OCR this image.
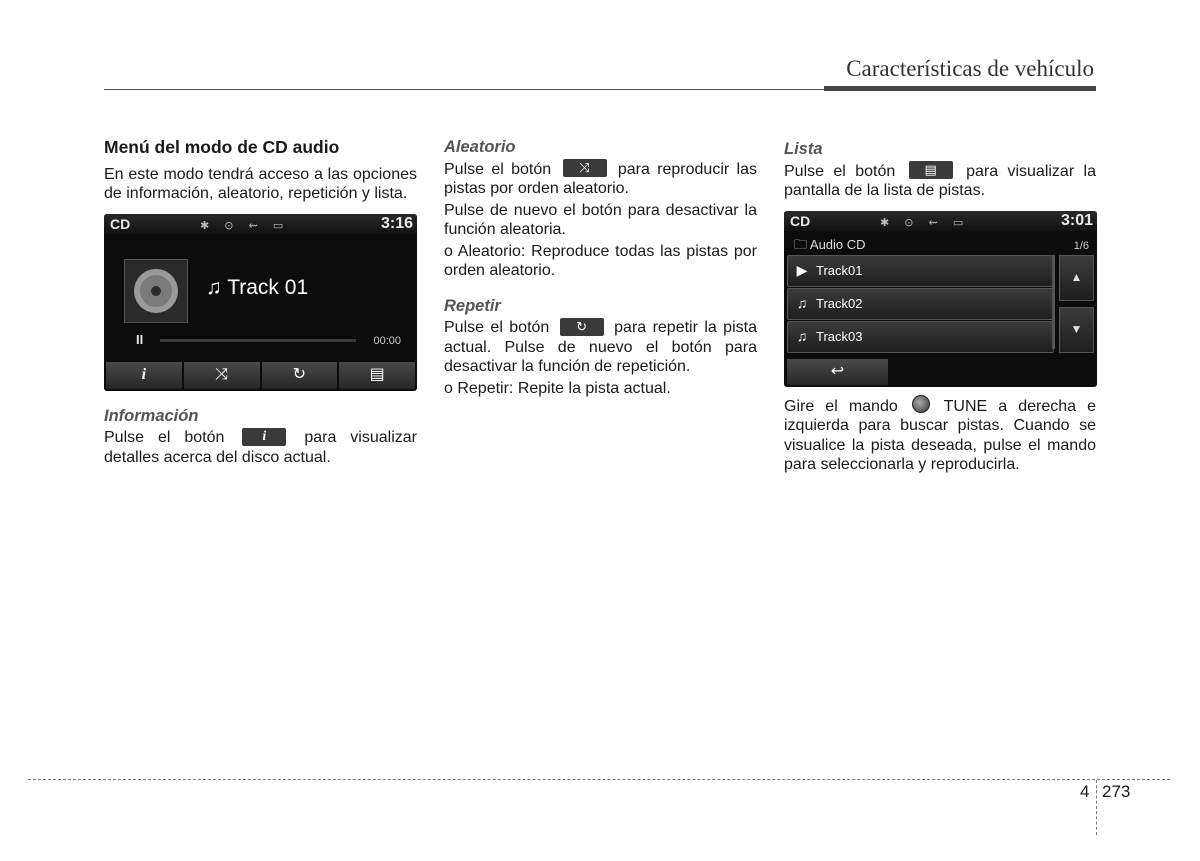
Características de vehículo
Menú del modo de CD audio

En este modo tendrá acceso a las opciones de información, aleatorio, repetición y lista.

CD	✱ ⊙ ⇜ ▭	3:16
♫ Track 01
II	00:00
i	⤨	↻	▤
Información

Pulse el botón	i	para visualizar detalles acerca del disco actual.

Aleatorio

Pulse el botón	⤨	para reproducir las pistas por orden aleatorio.

Pulse de nuevo el botón para desactivar la función aleatoria.

o Aleatorio: Reproduce todas las pistas por orden aleatorio.

Repetir

Pulse el botón	↻	para repetir la pista actual. Pulse de nuevo el botón para desactivar la función de repetición.

o Repetir: Repite la pista actual.

Lista

Pulse el botón	▤	para visualizar la pantalla de la lista de pistas.

CD	✱ ⊙ ⇜ ▭	3:01
🗀 Audio CD	1/6
▶ Track01
♫ Track02
♫ Track03
▲
▼
↩

Gire el mando	TUNE a derecha e izquierda para buscar pistas. Cuando se visualice la pista deseada, pulse el mando para seleccionarla y reproducirla.

4 273
